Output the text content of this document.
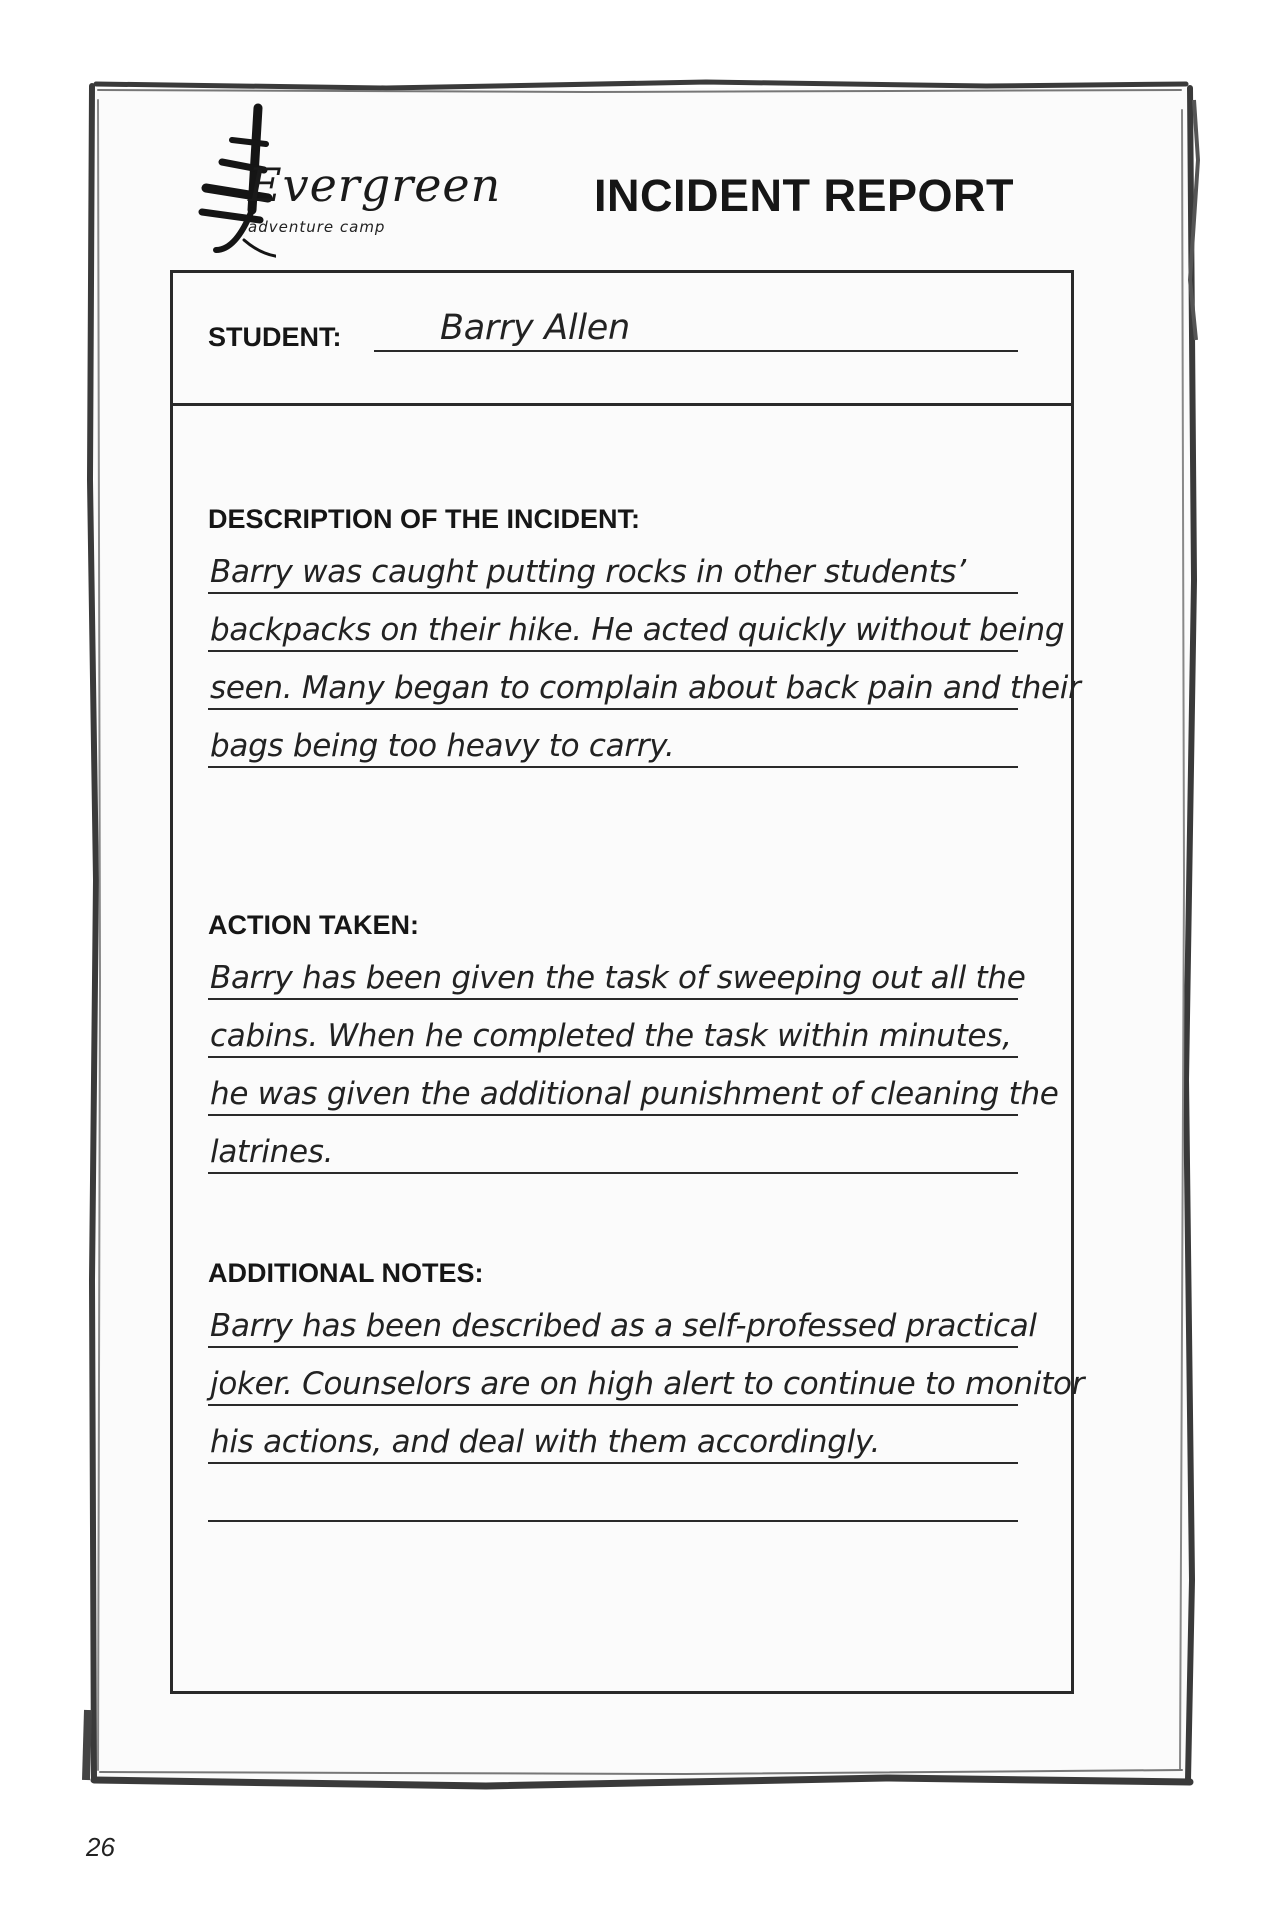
Evergreen
adventure camp
INCIDENT REPORT
STUDENT:	Barry Allen
DESCRIPTION OF THE INCIDENT:
Barry was caught putting rocks in other students’
backpacks on their hike. He acted quickly without being
seen. Many began to complain about back pain and their
bags being too heavy to carry.
ACTION TAKEN:
Barry has been given the task of sweeping out all the
cabins. When he completed the task within minutes,
he was given the additional punishment of cleaning the
latrines.
ADDITIONAL NOTES:
Barry has been described as a self-professed practical
joker. Counselors are on high alert to continue to monitor
his actions, and deal with them accordingly.
26
